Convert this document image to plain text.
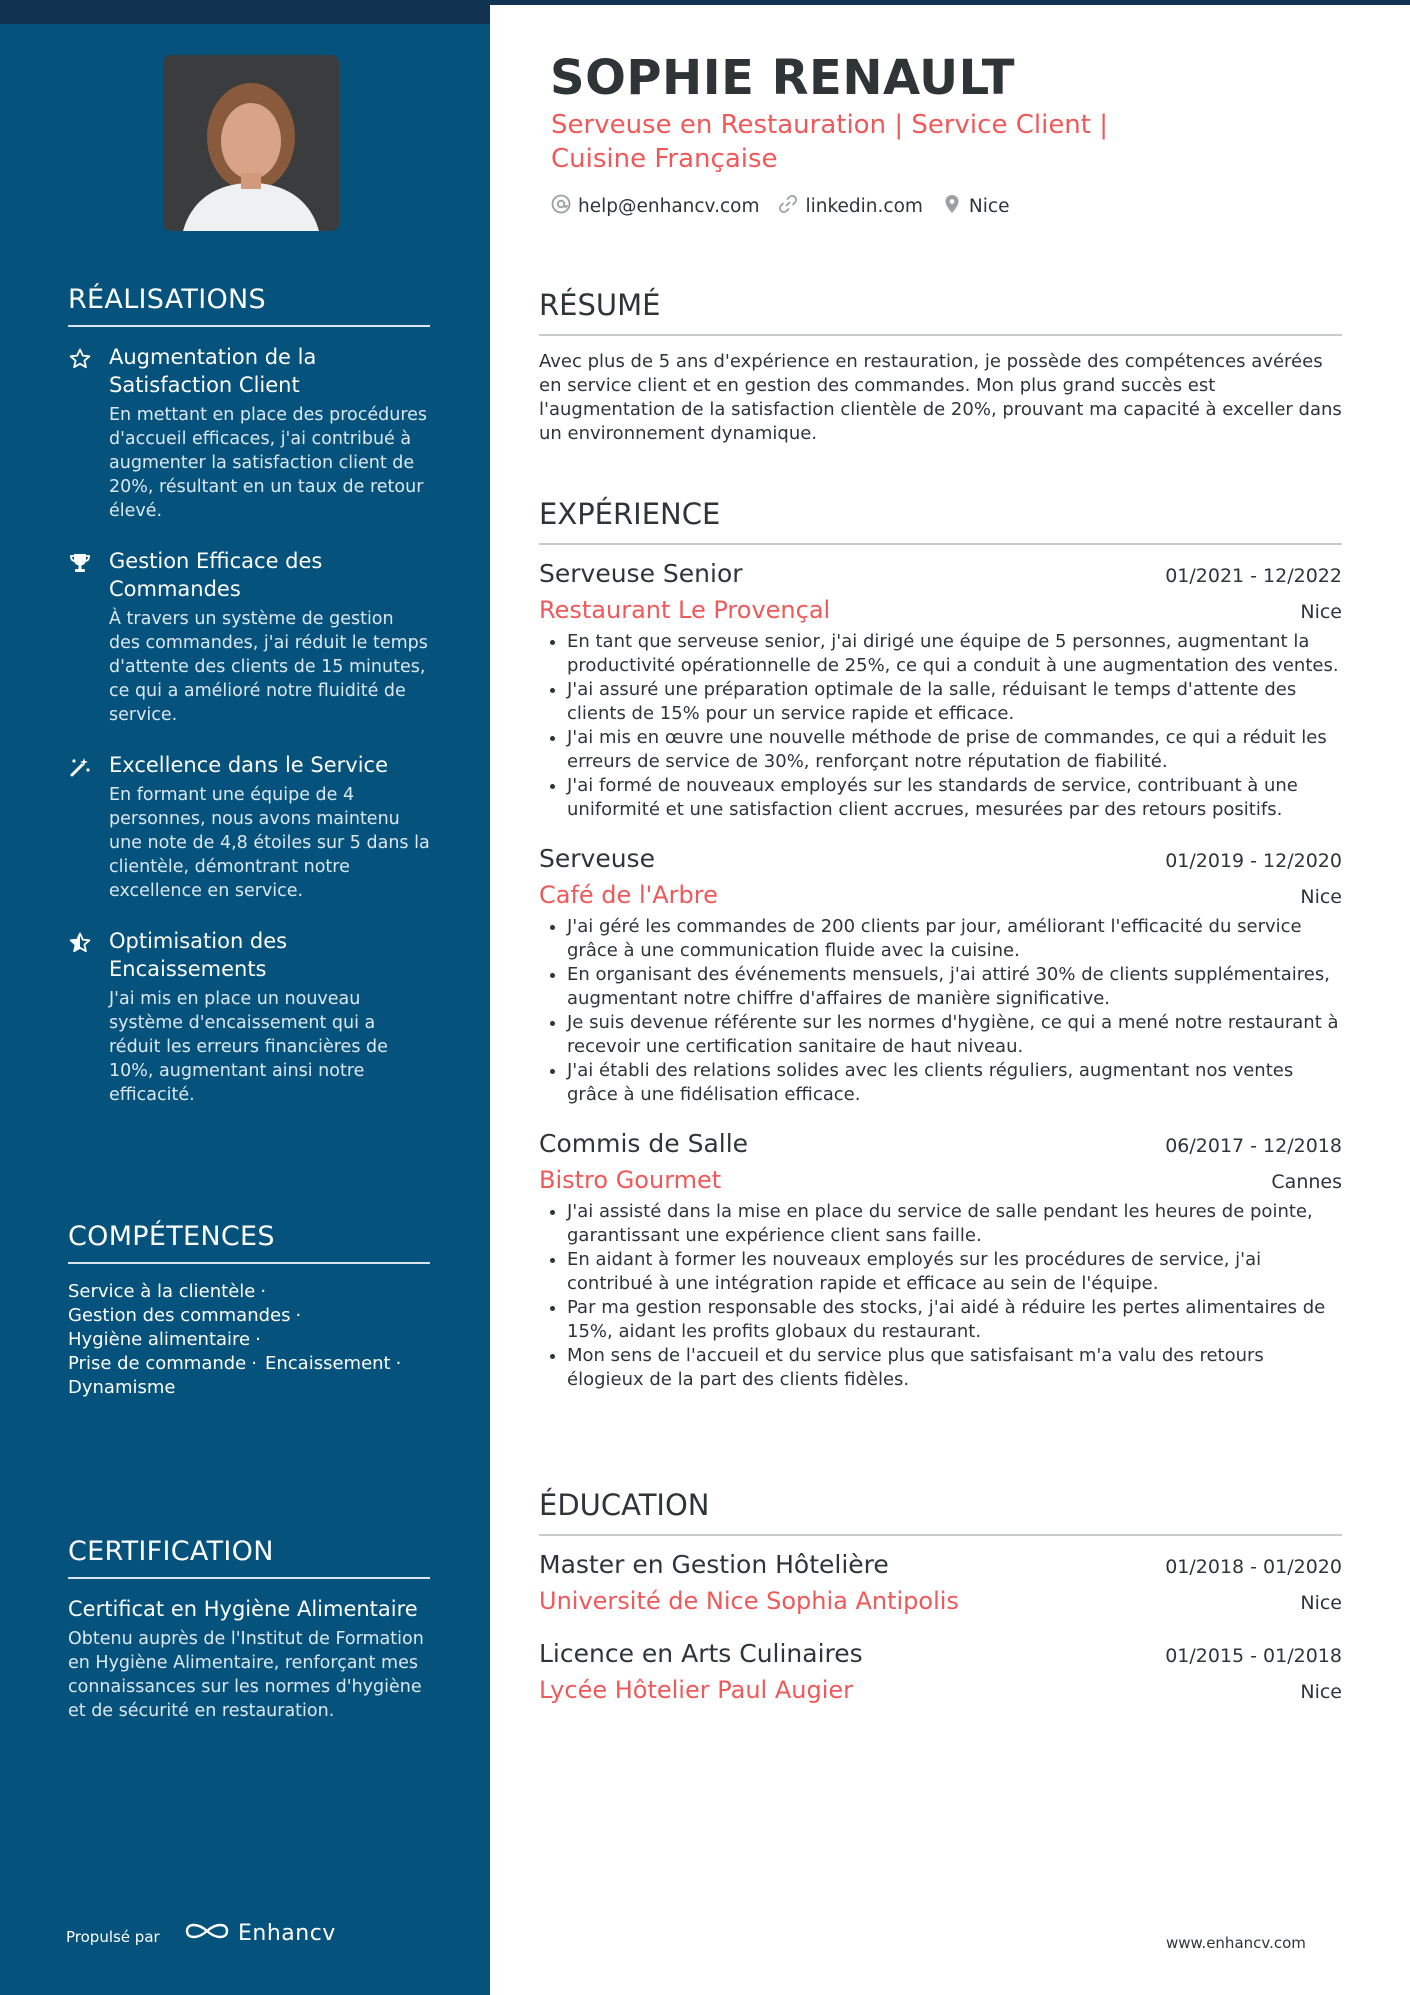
RÉALISATIONS
Augmentation de la Satisfaction Client
En mettant en place des procédures d'accueil efficaces, j'ai contribué à augmenter la satisfaction client de 20%, résultant en un taux de retour élevé.
Gestion Efficace des Commandes
À travers un système de gestion des commandes, j'ai réduit le temps d'attente des clients de 15 minutes, ce qui a amélioré notre fluidité de service.
Excellence dans le Service
En formant une équipe de 4 personnes, nous avons maintenu une note de 4,8 étoiles sur 5 dans la clientèle, démontrant notre excellence en service.
Optimisation des Encaissements
J'ai mis en place un nouveau système d'encaissement qui a réduit les erreurs financières de 10%, augmentant ainsi notre efficacité.
COMPÉTENCES
Service à la clientèle ·
Gestion des commandes ·
Hygiène alimentaire ·
Prise de commande · Encaissement ·
Dynamisme
CERTIFICATION
Certificat en Hygiène Alimentaire
Obtenu auprès de l'Institut de Formation en Hygiène Alimentaire, renforçant mes connaissances sur les normes d'hygiène et de sécurité en restauration.
Propulsé par	Enhancv
SOPHIE RENAULT
Serveuse en Restauration | Service Client | Cuisine Française
help@enhancv.com linkedin.com Nice
RÉSUMÉ
Avec plus de 5 ans d'expérience en restauration, je possède des compétences avérées en service client et en gestion des commandes. Mon plus grand succès est l'augmentation de la satisfaction clientèle de 20%, prouvant ma capacité à exceller dans un environnement dynamique.
EXPÉRIENCE
Serveuse Senior	01/2021 - 12/2022
Restaurant Le Provençal	Nice
• En tant que serveuse senior, j'ai dirigé une équipe de 5 personnes, augmentant la productivité opérationnelle de 25%, ce qui a conduit à une augmentation des ventes.
• J'ai assuré une préparation optimale de la salle, réduisant le temps d'attente des clients de 15% pour un service rapide et efficace.
• J'ai mis en œuvre une nouvelle méthode de prise de commandes, ce qui a réduit les erreurs de service de 30%, renforçant notre réputation de fiabilité.
• J'ai formé de nouveaux employés sur les standards de service, contribuant à une uniformité et une satisfaction client accrues, mesurées par des retours positifs.
Serveuse	01/2019 - 12/2020
Café de l'Arbre	Nice
• J'ai géré les commandes de 200 clients par jour, améliorant l'efficacité du service grâce à une communication fluide avec la cuisine.
• En organisant des événements mensuels, j'ai attiré 30% de clients supplémentaires, augmentant notre chiffre d'affaires de manière significative.
• Je suis devenue référente sur les normes d'hygiène, ce qui a mené notre restaurant à recevoir une certification sanitaire de haut niveau.
• J'ai établi des relations solides avec les clients réguliers, augmentant nos ventes grâce à une fidélisation efficace.
Commis de Salle	06/2017 - 12/2018
Bistro Gourmet	Cannes
• J'ai assisté dans la mise en place du service de salle pendant les heures de pointe, garantissant une expérience client sans faille.
• En aidant à former les nouveaux employés sur les procédures de service, j'ai contribué à une intégration rapide et efficace au sein de l'équipe.
• Par ma gestion responsable des stocks, j'ai aidé à réduire les pertes alimentaires de 15%, aidant les profits globaux du restaurant.
• Mon sens de l'accueil et du service plus que satisfaisant m'a valu des retours élogieux de la part des clients fidèles.
ÉDUCATION
Master en Gestion Hôtelière	01/2018 - 01/2020
Université de Nice Sophia Antipolis	Nice
Licence en Arts Culinaires	01/2015 - 01/2018
Lycée Hôtelier Paul Augier	Nice
www.enhancv.com
